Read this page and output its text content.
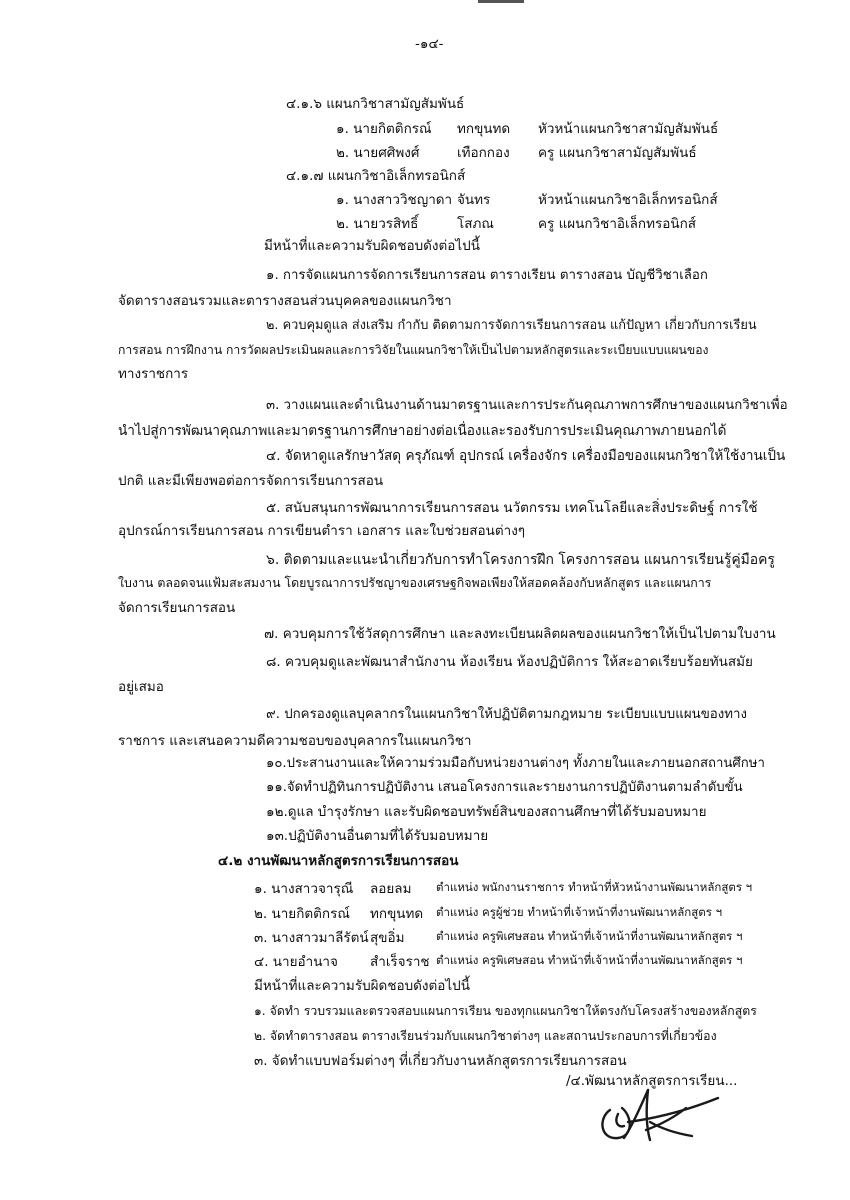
-๑๔-
๔.๑.๖ แผนกวิชาสามัญสัมพันธ์
๑. นายกิตติกรณ์ ทกขุนทด หัวหน้าแผนกวิชาสามัญสัมพันธ์
๒. นายศศิพงศ์	เทือกกอง ครู แผนกวิชาสามัญสัมพันธ์
๔.๑.๗ แผนกวิชาอิเล็กทรอนิกส์
๑. นางสาววิชญาดา จันทร	หัวหน้าแผนกวิชาอิเล็กทรอนิกส์
๒. นายวรสิทธิ์	โสภณ	ครู แผนกวิชาอิเล็กทรอนิกส์
มีหน้าที่และความรับผิดชอบดังต่อไปนี้
๑. การจัดแผนการจัดการเรียนการสอน ตารางเรียน ตารางสอน บัญชีวิชาเลือก
จัดตารางสอนรวมและตารางสอนส่วนบุคคลของแผนกวิชา
๒. ควบคุมดูแล ส่งเสริม กำกับ ติดตามการจัดการเรียนการสอน แก้ปัญหา เกี่ยวกับการเรียน
การสอน การฝึกงาน การวัดผลประเมินผลและการวิจัยในแผนกวิชาให้เป็นไปตามหลักสูตรและระเบียบแบบแผนของ
ทางราชการ
๓. วางแผนและดำเนินงานด้านมาตรฐานและการประกันคุณภาพการศึกษาของแผนกวิชาเพื่อ
นำไปสู่การพัฒนาคุณภาพและมาตรฐานการศึกษาอย่างต่อเนื่องและรองรับการประเมินคุณภาพภายนอกได้
๔. จัดหาดูแลรักษาวัสดุ ครุภัณฑ์ อุปกรณ์ เครื่องจักร เครื่องมือของแผนกวิชาให้ใช้งานเป็น
ปกติ และมีเพียงพอต่อการจัดการเรียนการสอน
๕. สนับสนุนการพัฒนาการเรียนการสอน นวัตกรรม เทคโนโลยีและสิ่งประดิษฐ์ การใช้
อุปกรณ์การเรียนการสอน การเขียนตำรา เอกสาร และใบช่วยสอนต่างๆ
๖. ติดตามและแนะนำเกี่ยวกับการทำโครงการฝึก โครงการสอน แผนการเรียนรู้คู่มือครู
ใบงาน ตลอดจนแฟ้มสะสมงาน โดยบูรณาการปรัชญาของเศรษฐกิจพอเพียงให้สอดคล้องกับหลักสูตร และแผนการ
จัดการเรียนการสอน
๗. ควบคุมการใช้วัสดุการศึกษา และลงทะเบียนผลิตผลของแผนกวิชาให้เป็นไปตามใบงาน
๘. ควบคุมดูและพัฒนาสำนักงาน ห้องเรียน ห้องปฏิบัติการ ให้สะอาดเรียบร้อยทันสมัย
อยู่เสมอ
๙. ปกครองดูแลบุคลากรในแผนกวิชาให้ปฏิบัติตามกฎหมาย ระเบียบแบบแผนของทาง
ราชการ และเสนอความดีความชอบของบุคลากรในแผนกวิชา
๑๐.ประสานงานและให้ความร่วมมือกับหน่วยงานต่างๆ ทั้งภายในและภายนอกสถานศึกษา
๑๑.จัดทำปฏิทินการปฏิบัติงาน เสนอโครงการและรายงานการปฏิบัติงานตามลำดับขั้น
๑๒.ดูแล บำรุงรักษา และรับผิดชอบทรัพย์สินของสถานศึกษาที่ได้รับมอบหมาย
๑๓.ปฏิบัติงานอื่นตามที่ได้รับมอบหมาย
๔.๒ งานพัฒนาหลักสูตรการเรียนการสอน
๑. นางสาวจารุณี ลอยลม ตำแหน่ง พนักงานราชการ ทำหน้าที่หัวหน้างานพัฒนาหลักสูตร ฯ
๒. นายกิตติกรณ์ ทกขุนทด ตำแหน่ง ครูผู้ช่วย ทำหน้าที่เจ้าหน้าที่งานพัฒนาหลักสูตร ฯ
๓. นางสาวมาลีรัตน์ สุขอิ่ม	ตำแหน่ง ครูพิเศษสอน ทำหน้าที่เจ้าหน้าที่งานพัฒนาหลักสูตร ฯ
๔. นายอำนาจ สำเร็จราช ตำแหน่ง ครูพิเศษสอน ทำหน้าที่เจ้าหน้าที่งานพัฒนาหลักสูตร ฯ
มีหน้าที่และความรับผิดชอบดังต่อไปนี้
๑. จัดทำ รวบรวมและตรวจสอบแผนการเรียน ของทุกแผนกวิชาให้ตรงกับโครงสร้างของหลักสูตร
๒. จัดทำตารางสอน ตารางเรียนร่วมกับแผนกวิชาต่างๆ และสถานประกอบการที่เกี่ยวข้อง
๓. จัดทำแบบฟอร์มต่างๆ ที่เกี่ยวกับงานหลักสูตรการเรียนการสอน
/๔.พัฒนาหลักสูตรการเรียน...
